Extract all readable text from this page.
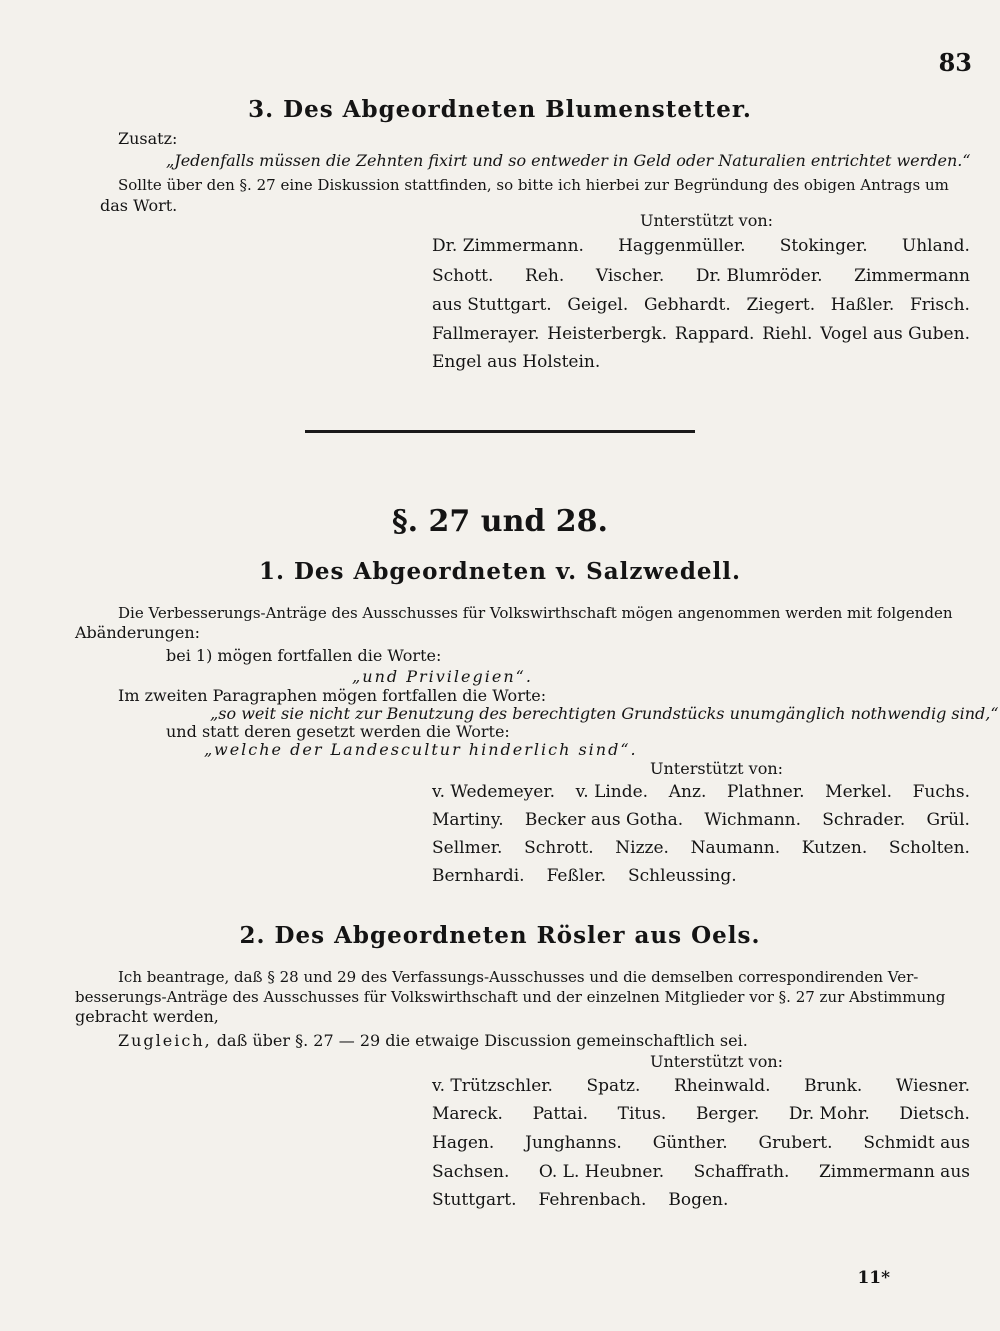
83
3. Des Abgeordneten Blumenstetter.
Zusatz:
„Jedenfalls müssen die Zehnten fixirt und so entweder in Geld oder Naturalien entrichtet werden.“
Sollte über den §. 27 eine Diskussion stattfinden, so bitte ich hierbei zur Begründung des obigen Antrags um
das Wort.
Unterstützt von:
Dr. Zimmermann. Haggenmüller. Stokinger. Uhland.
Schott. Reh. Vischer. Dr. Blumröder. Zimmermann
aus Stuttgart. Geigel. Gebhardt. Ziegert. Haßler. Frisch.
Fallmerayer. Heisterbergk. Rappard. Riehl. Vogel aus Guben.
Engel aus Holstein.
§. 27 und 28.
1. Des Abgeordneten v. Salzwedell.
Die Verbesserungs-Anträge des Ausschusses für Volkswirthschaft mögen angenommen werden mit folgenden
Abänderungen:
bei 1) mögen fortfallen die Worte:
„und Privilegien“.
Im zweiten Paragraphen mögen fortfallen die Worte:
„so weit sie nicht zur Benutzung des berechtigten Grundstücks unumgänglich nothwendig sind,“
und statt deren gesetzt werden die Worte:
„welche der Landescultur hinderlich sind“.
Unterstützt von:
v. Wedemeyer. v. Linde. Anz. Plathner. Merkel. Fuchs.
Martiny. Becker aus Gotha. Wichmann. Schrader. Grül.
Sellmer. Schrott. Nizze. Naumann. Kutzen. Scholten.
Bernhardi. Feßler. Schleussing.
2. Des Abgeordneten Rösler aus Oels.
Ich beantrage, daß § 28 und 29 des Verfassungs-Ausschusses und die demselben correspondirenden Ver-
besserungs-Anträge des Ausschusses für Volkswirthschaft und der einzelnen Mitglieder vor §. 27 zur Abstimmung
gebracht werden,
Zugleich, daß über §. 27 — 29 die etwaige Discussion gemeinschaftlich sei.
Unterstützt von:
v. Trützschler. Spatz. Rheinwald. Brunk. Wiesner.
Mareck. Pattai. Titus. Berger. Dr. Mohr. Dietsch.
Hagen. Junghanns. Günther. Grubert. Schmidt aus
Sachsen. O. L. Heubner. Schaffrath. Zimmermann aus
Stuttgart. Fehrenbach. Bogen.
11*
